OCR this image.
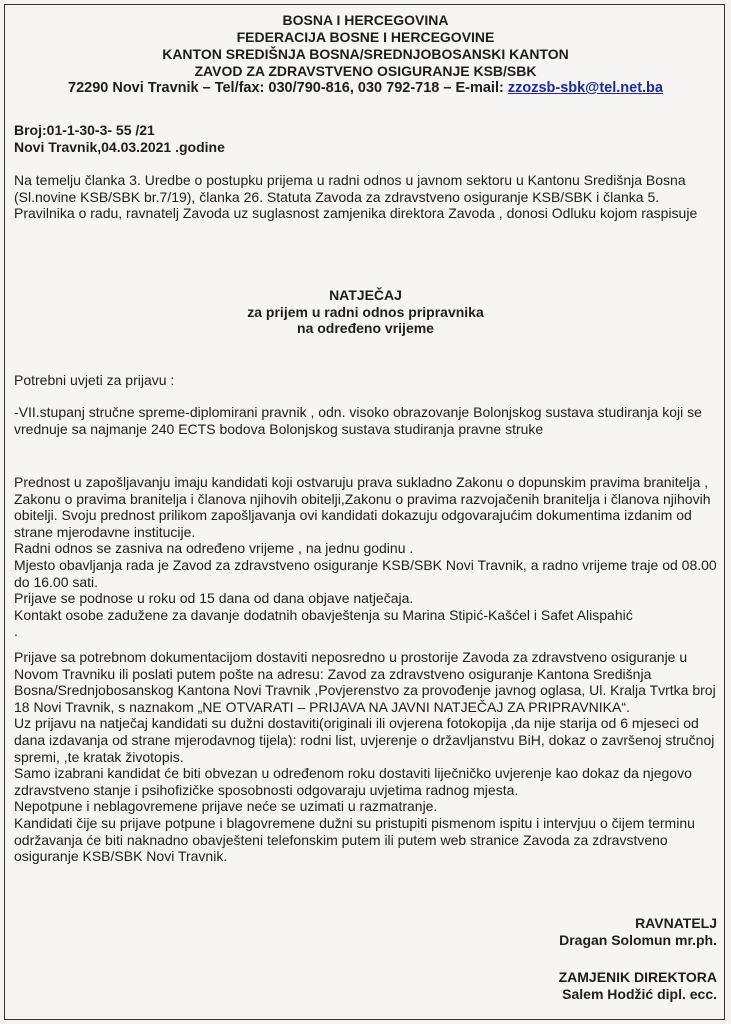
BOSNA I HERCEGOVINA
FEDERACIJA BOSNE I HERCEGOVINE
KANTON SREDIŠNJA BOSNA/SREDNJOBOSANSKI KANTON
ZAVOD ZA ZDRAVSTVENO OSIGURANJE KSB/SBK
72290 Novi Travnik – Tel/fax: 030/790-816, 030 792-718 – E-mail: zzozsb-sbk@tel.net.ba
Broj:01-1-30-3- 55 /21
Novi Travnik,04.03.2021 .godine
Na temelju članka 3. Uredbe o postupku prijema u radni odnos u javnom sektoru u Kantonu Središnja Bosna (Sl.novine KSB/SBK br.7/19), članka 26. Statuta Zavoda za zdravstveno osiguranje KSB/SBK i članka 5. Pravilnika o radu, ravnatelj Zavoda uz suglasnost zamjenika direktora Zavoda , donosi Odluku kojom raspisuje
NATJEČAJ
za prijem u radni odnos pripravnika
na određeno vrijeme
Potrebni uvjeti za prijavu :
-VII.stupanj stručne spreme-diplomirani pravnik , odn. visoko obrazovanje Bolonjskog sustava studiranja koji se vrednuje sa najmanje 240 ECTS bodova Bolonjskog sustava studiranja pravne struke
Prednost u zapošljavanju imaju kandidati koji ostvaruju prava sukladno Zakonu o dopunskim pravima branitelja , Zakonu o pravima branitelja i članova njihovih obitelji,Zakonu o pravima razvojačenih branitelja i članova njihovih obitelji. Svoju prednost prilikom zapošljavanja ovi kandidati dokazuju odgovarajućim dokumentima izdanim od strane mjerodavne institucije.
Radni odnos se zasniva na određeno vrijeme , na jednu godinu .
Mjesto obavljanja rada je Zavod za zdravstveno osiguranje KSB/SBK Novi Travnik, a radno vrijeme traje od 08.00 do 16.00 sati.
Prijave se podnose u roku od 15 dana od dana objave natječaja.
Kontakt osobe zadužene za davanje dodatnih obavještenja su Marina Stipić-Kašćel i Safet Alispahić
.
Prijave sa potrebnom dokumentacijom dostaviti neposredno u prostorije Zavoda za zdravstveno osiguranje u Novom Travniku ili poslati putem pošte na adresu: Zavod za zdravstveno osiguranje Kantona Središnja Bosna/Srednjobosanskog Kantona Novi Travnik ,Povjerenstvo za provođenje javnog oglasa, Ul. Kralja Tvrtka broj 18 Novi Travnik, s naznakom „NE OTVARATI – PRIJAVA NA JAVNI NATJEČAJ ZA PRIPRAVNIKA“.
Uz prijavu na natječaj kandidati su dužni dostaviti(originali ili ovjerena fotokopija ,da nije starija od 6 mjeseci od dana izdavanja od strane mjerodavnog tijela): rodni list, uvjerenje o državljanstvu BiH, dokaz o završenoj stručnoj spremi, ,te kratak životopis.
Samo izabrani kandidat će biti obvezan u određenom roku dostaviti liječničko uvjerenje kao dokaz da njegovo zdravstveno stanje i psihofizičke sposobnosti odgovaraju uvjetima radnog mjesta.
Nepotpune i neblagovremene prijave neće se uzimati u razmatranje.
Kandidati čije su prijave potpune i blagovremene dužni su pristupiti pismenom ispitu i intervjuu o čijem terminu održavanja će biti naknadno obavješteni telefonskim putem ili putem web stranice Zavoda za zdravstveno osiguranje KSB/SBK Novi Travnik.
RAVNATELJ
Dragan Solomun mr.ph.
ZAMJENIK DIREKTORA
Salem Hodžić dipl. ecc.
